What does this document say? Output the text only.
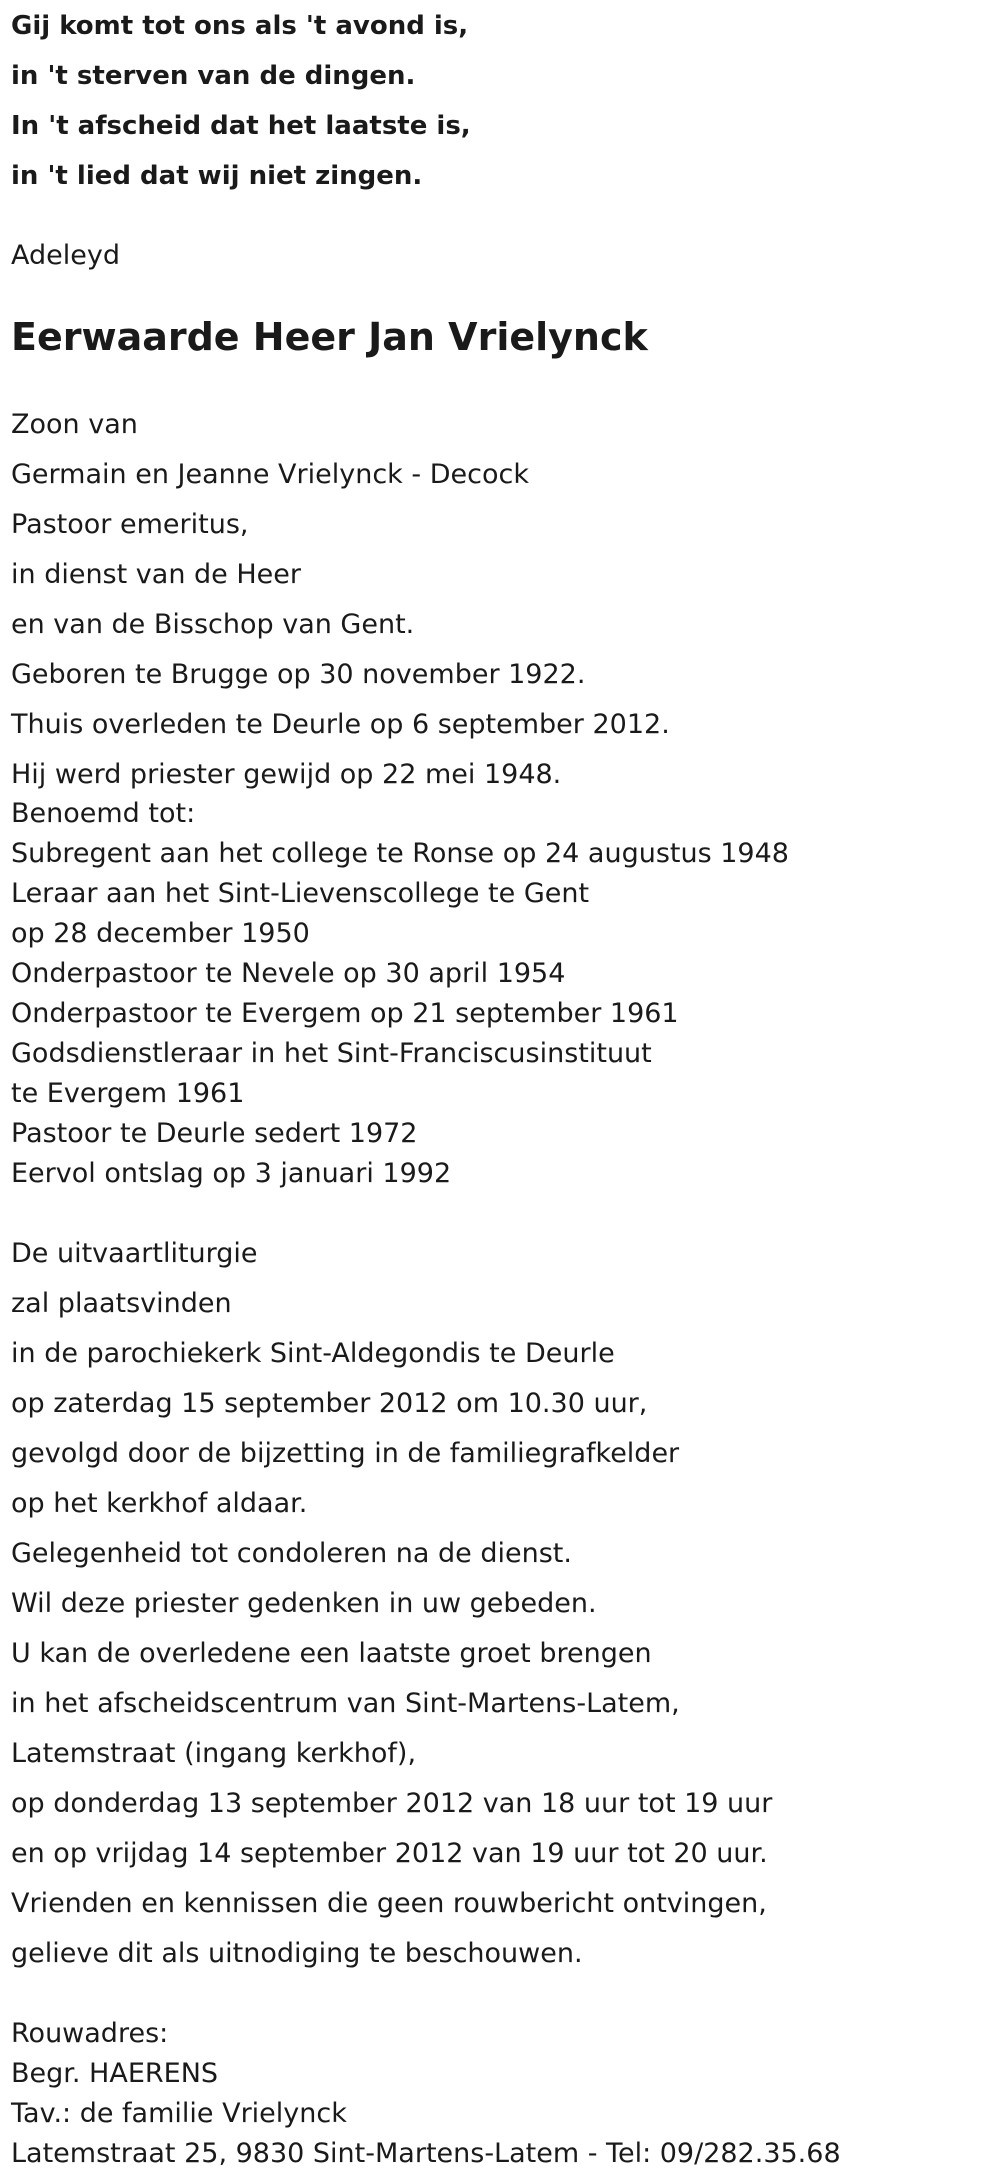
Gij komt tot ons als 't avond is,
in 't sterven van de dingen.
In 't afscheid dat het laatste is,
in 't lied dat wij niet zingen.
Adeleyd
Eerwaarde Heer Jan Vrielynck
Zoon van
Germain en Jeanne Vrielynck - Decock
Pastoor emeritus,
in dienst van de Heer
en van de Bisschop van Gent.
Geboren te Brugge op 30 november 1922.
Thuis overleden te Deurle op 6 september 2012.
Hij werd priester gewijd op 22 mei 1948.
Benoemd tot:
Subregent aan het college te Ronse op 24 augustus 1948
Leraar aan het Sint-Lievenscollege te Gent
op 28 december 1950
Onderpastoor te Nevele op 30 april 1954
Onderpastoor te Evergem op 21 september 1961
Godsdienstleraar in het Sint-Franciscusinstituut
te Evergem 1961
Pastoor te Deurle sedert 1972
Eervol ontslag op 3 januari 1992
De uitvaartliturgie
zal plaatsvinden
in de parochiekerk Sint-Aldegondis te Deurle
op zaterdag 15 september 2012 om 10.30 uur,
gevolgd door de bijzetting in de familiegrafkelder
op het kerkhof aldaar.
Gelegenheid tot condoleren na de dienst.
Wil deze priester gedenken in uw gebeden.
U kan de overledene een laatste groet brengen
in het afscheidscentrum van Sint-Martens-Latem,
Latemstraat (ingang kerkhof),
op donderdag 13 september 2012 van 18 uur tot 19 uur
en op vrijdag 14 september 2012 van 19 uur tot 20 uur.
Vrienden en kennissen die geen rouwbericht ontvingen,
gelieve dit als uitnodiging te beschouwen.
Rouwadres:
Begr. HAERENS
Tav.: de familie Vrielynck
Latemstraat 25, 9830 Sint-Martens-Latem - Tel: 09/282.35.68
